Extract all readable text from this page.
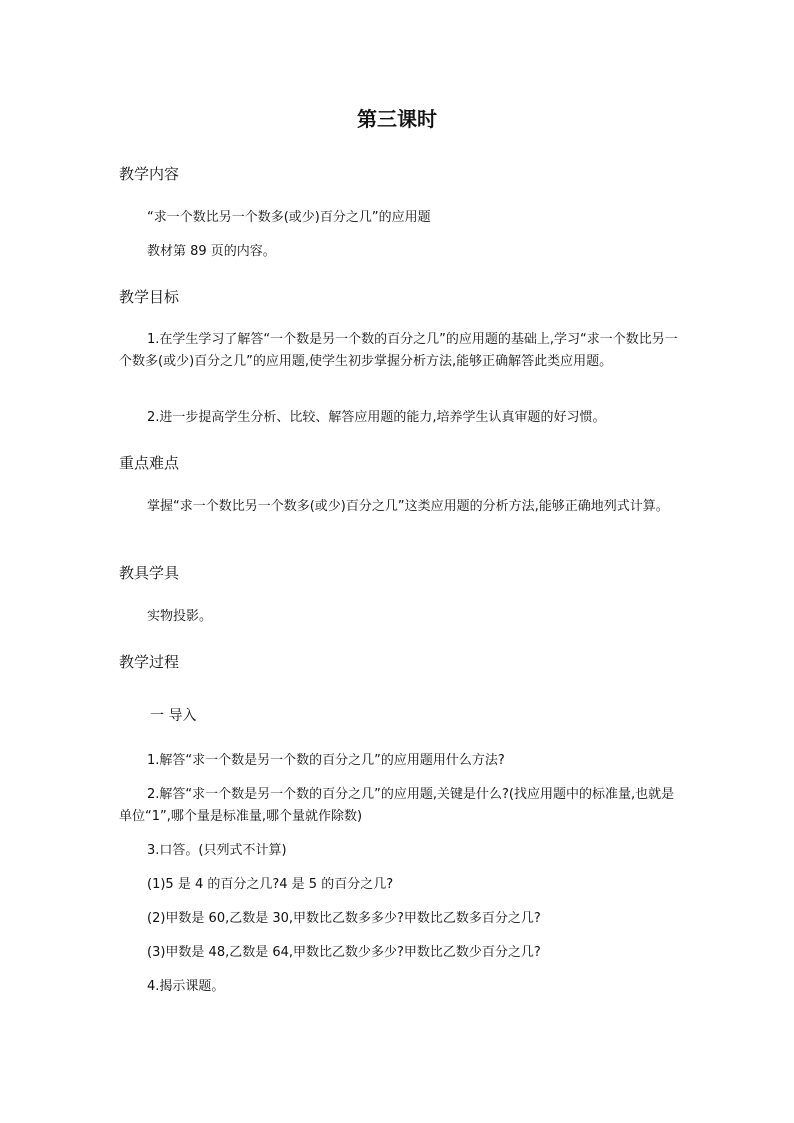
第三课时
教学内容
“求一个数比另一个数多(或少)百分之几”的应用题
教材第 89 页的内容。
教学目标
1.在学生学习了解答“一个数是另一个数的百分之几”的应用题的基础上,学习“求一个数比另一个数多(或少)百分之几”的应用题,使学生初步掌握分析方法,能够正确解答此类应用题。
2.进一步提高学生分析、比较、解答应用题的能力,培养学生认真审题的好习惯。
重点难点
掌握“求一个数比另一个数多(或少)百分之几”这类应用题的分析方法,能够正确地列式计算。
教具学具
实物投影。
教学过程
一 导入
1.解答“求一个数是另一个数的百分之几”的应用题用什么方法?
2.解答“求一个数是另一个数的百分之几”的应用题,关键是什么?(找应用题中的标准量,也就是单位“1”,哪个量是标准量,哪个量就作除数)
3.口答。(只列式不计算)
(1)5 是 4 的百分之几?4 是 5 的百分之几?
(2)甲数是 60,乙数是 30,甲数比乙数多多少?甲数比乙数多百分之几?
(3)甲数是 48,乙数是 64,甲数比乙数少多少?甲数比乙数少百分之几?
4.揭示课题。
